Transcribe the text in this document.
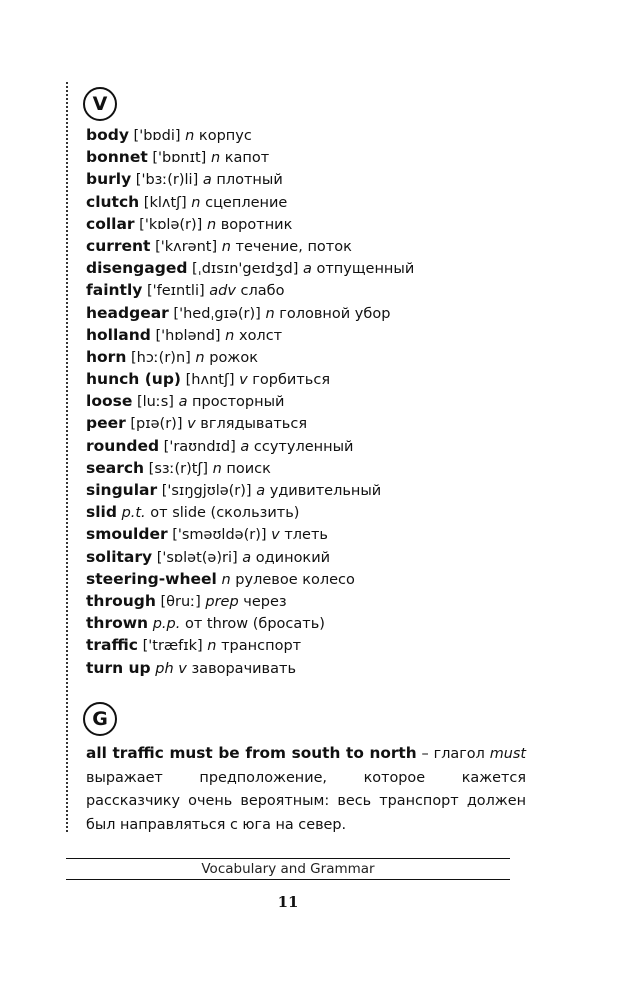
V
body ['bɒdi] n корпус
bonnet ['bɒnɪt] n капот
burly ['bɜː(r)li] a плотный
clutch [klʌtʃ] n сцепление
collar ['kɒlə(r)] n воротник
current ['kʌrənt] n течение, поток
disengaged [ˌdɪsɪn'geɪdʒd] a отпущенный
faintly ['feɪntli] adv слабо
headgear ['hedˌgɪə(r)] n головной убор
holland ['hɒlənd] n холст
horn [hɔː(r)n] n рожок
hunch (up) [hʌntʃ] v горбиться
loose [luːs] a просторный
peer [pɪə(r)] v вглядываться
rounded ['raʊndɪd] a ссутуленный
search [sɜː(r)tʃ] n поиск
singular ['sɪŋgjʊlə(r)] a удивительный
slid p.t. от slide (скользить)
smoulder ['sməʊldə(r)] v тлеть
solitary ['sɒlət(ə)ri] a одинокий
steering-wheel n рулевое колесо
through [θruː] prep через
thrown p.p. от throw (бросать)
traffic ['træfɪk] n транспорт
turn up ph v заворачивать
G

all traffic must be from south to north – глагол must выражает предположение, которое кажется рассказчику очень вероятным: весь транспорт должен был направляться с юга на север.

Vocabulary and Grammar
11
